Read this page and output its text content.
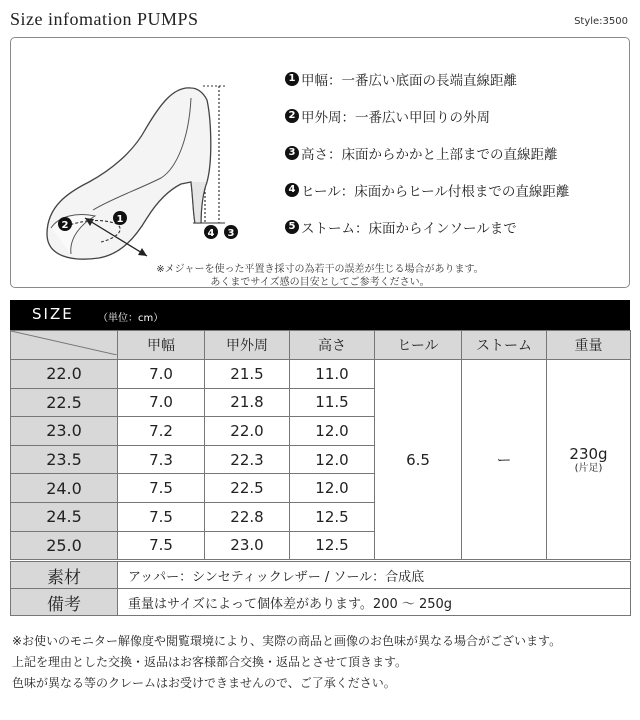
Size infomation PUMPS	Style:3500
1
2
4 3
1 甲幅：一番広い底面の長端直線距離
2 甲外周：一番広い甲回りの外周
3 高さ：床面からかかと上部までの直線距離
4 ヒール：床面からヒール付根までの直線距離
5 ストーム：床面からインソールまで
※メジャーを使った平置き採寸の為若干の誤差が生じる場合があります。
あくまでサイズ感の目安としてご参考ください。
SIZE （単位：cm）
	甲幅	甲外周	高さ	ヒール	ストーム	重量
22.0	7.0	21.5	11.0	6.5	ー	230g
(片足)

22.5	7.0	21.8	11.5			
23.0	7.2	22.0	12.0			
23.5	7.3	22.3	12.0			
24.0	7.5	22.5	12.0			
24.5	7.5	22.8	12.5			
25.0	7.5	23.0	12.5			
素材	アッパー：シンセティックレザー / ソール：合成底
備考	重量はサイズによって個体差があります。200 ～ 250g
※お使いのモニター解像度や閲覧環境により、実際の商品と画像のお色味が異なる場合がございます。
上記を理由とした交換・返品はお客様都合交換・返品とさせて頂きます。
色味が異なる等のクレームはお受けできませんので、ご了承ください。
